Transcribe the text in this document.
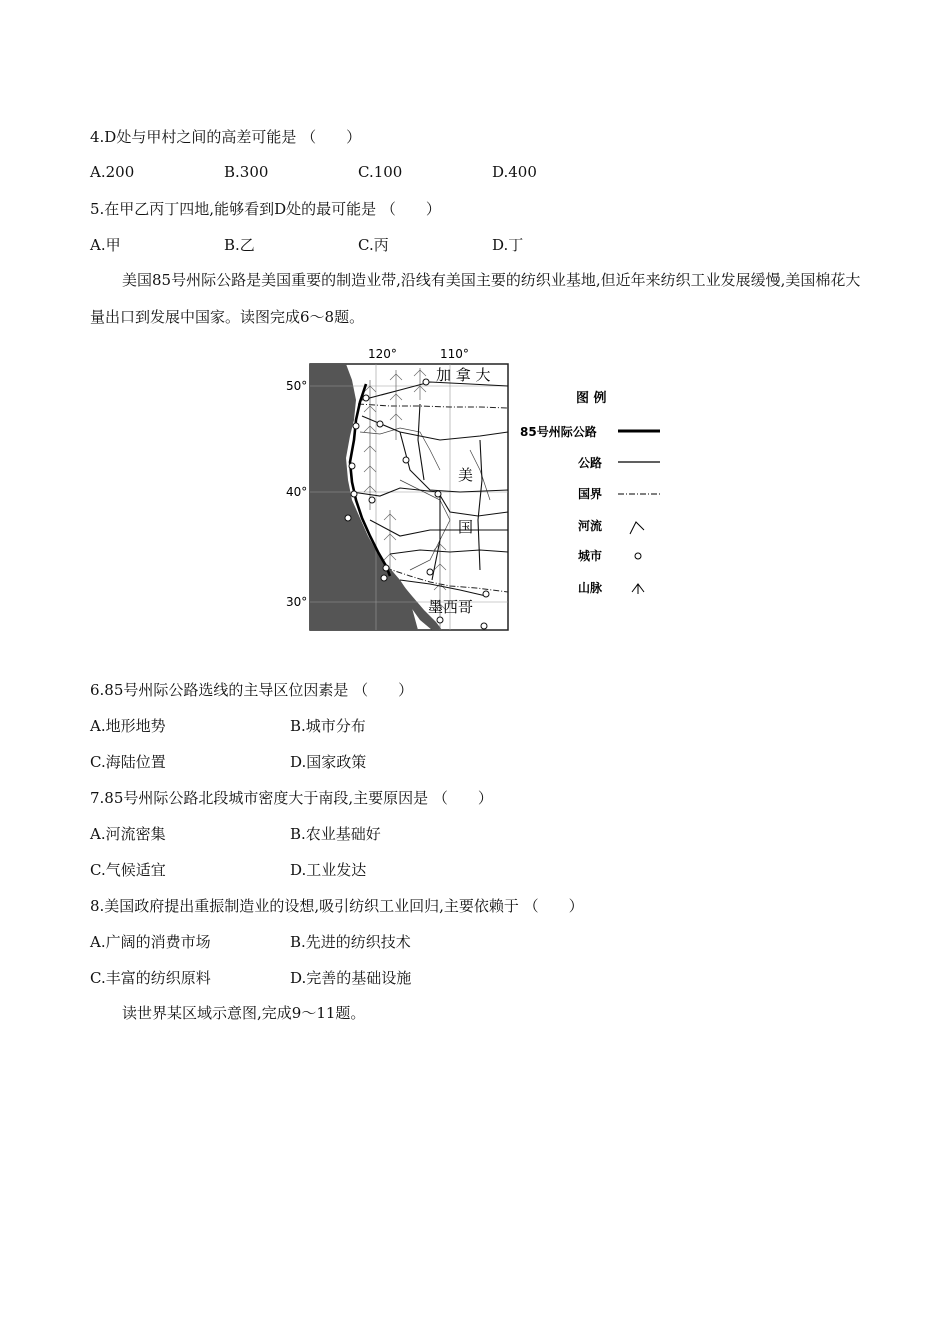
4.D处与甲村之间的高差可能是 （　　）
A.200	B.300	C.100	D.400
5.在甲乙丙丁四地,能够看到D处的最可能是 （　　）
A.甲	B.乙	C.丙	D.丁
美国85号州际公路是美国重要的制造业带,沿线有美国主要的纺织业基地,但近年来纺织工业发展缓慢,美国棉花大量出口到发展中国家。读图完成6～8题。
120°	110°
50°
40°
30°
加 拿 大
美
国
墨西哥
图 例
85号州际公路
公路
国界
河流
城市
山脉
6.85号州际公路选线的主导区位因素是 （　　）
A.地形地势	B.城市分布
C.海陆位置	D.国家政策
7.85号州际公路北段城市密度大于南段,主要原因是 （　　）
A.河流密集	B.农业基础好
C.气候适宜	D.工业发达
8.美国政府提出重振制造业的设想,吸引纺织工业回归,主要依赖于 （　　）
A.广阔的消费市场	B.先进的纺织技术
C.丰富的纺织原料	D.完善的基础设施
读世界某区域示意图,完成9～11题。
